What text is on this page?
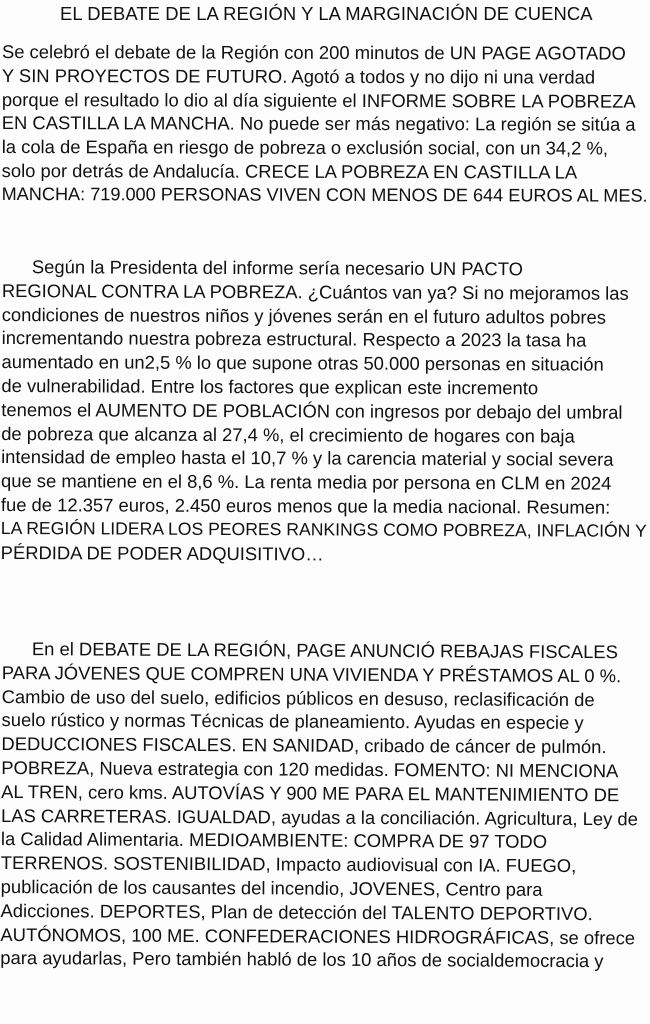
EL DEBATE DE LA REGIÓN Y LA MARGINACIÓN DE CUENCA
Se celebró el debate de la Región con 200 minutos de UN PAGE AGOTADO
Y SIN PROYECTOS DE FUTURO. Agotó a todos y no dijo ni una verdad
porque el resultado lo dio al día siguiente el INFORME SOBRE LA POBREZA
EN CASTILLA LA MANCHA. No puede ser más negativo: La región se sitúa a
la cola de España en riesgo de pobreza o exclusión social, con un 34,2 %,
solo por detrás de Andalucía. CRECE LA POBREZA EN CASTILLA LA
MANCHA: 719.000 PERSONAS VIVEN CON MENOS DE 644 EUROS AL MES.
Según la Presidenta del informe sería necesario UN PACTO
REGIONAL CONTRA LA POBREZA. ¿Cuántos van ya? Si no mejoramos las
condiciones de nuestros niños y jóvenes serán en el futuro adultos pobres
incrementando nuestra pobreza estructural. Respecto a 2023 la tasa ha
aumentado en un2,5 % lo que supone otras 50.000 personas en situación
de vulnerabilidad. Entre los factores que explican este incremento
tenemos el AUMENTO DE POBLACIÓN con ingresos por debajo del umbral
de pobreza que alcanza al 27,4 %, el crecimiento de hogares con baja
intensidad de empleo hasta el 10,7 % y la carencia material y social severa
que se mantiene en el 8,6 %. La renta media por persona en CLM en 2024
fue de 12.357 euros, 2.450 euros menos que la media nacional. Resumen:
LA REGIÓN LIDERA LOS PEORES RANKINGS COMO POBREZA, INFLACIÓN Y
PÉRDIDA DE PODER ADQUISITIVO…
En el DEBATE DE LA REGIÓN, PAGE ANUNCIÓ REBAJAS FISCALES
PARA JÓVENES QUE COMPREN UNA VIVIENDA Y PRÉSTAMOS AL 0 %.
Cambio de uso del suelo, edificios públicos en desuso, reclasificación de
suelo rústico y normas Técnicas de planeamiento. Ayudas en especie y
DEDUCCIONES FISCALES. EN SANIDAD, cribado de cáncer de pulmón.
POBREZA, Nueva estrategia con 120 medidas. FOMENTO: NI MENCIONA
AL TREN, cero kms. AUTOVÍAS Y 900 ME PARA EL MANTENIMIENTO DE
LAS CARRETERAS. IGUALDAD, ayudas a la conciliación. Agricultura, Ley de
la Calidad Alimentaria. MEDIOAMBIENTE: COMPRA DE 97 TODO
TERRENOS. SOSTENIBILIDAD, Impacto audiovisual con IA. FUEGO,
publicación de los causantes del incendio, JOVENES, Centro para
Adicciones. DEPORTES, Plan de detección del TALENTO DEPORTIVO.
AUTÓNOMOS, 100 ME. CONFEDERACIONES HIDROGRÁFICAS, se ofrece
para ayudarlas, Pero también habló de los 10 años de socialdemocracia y
